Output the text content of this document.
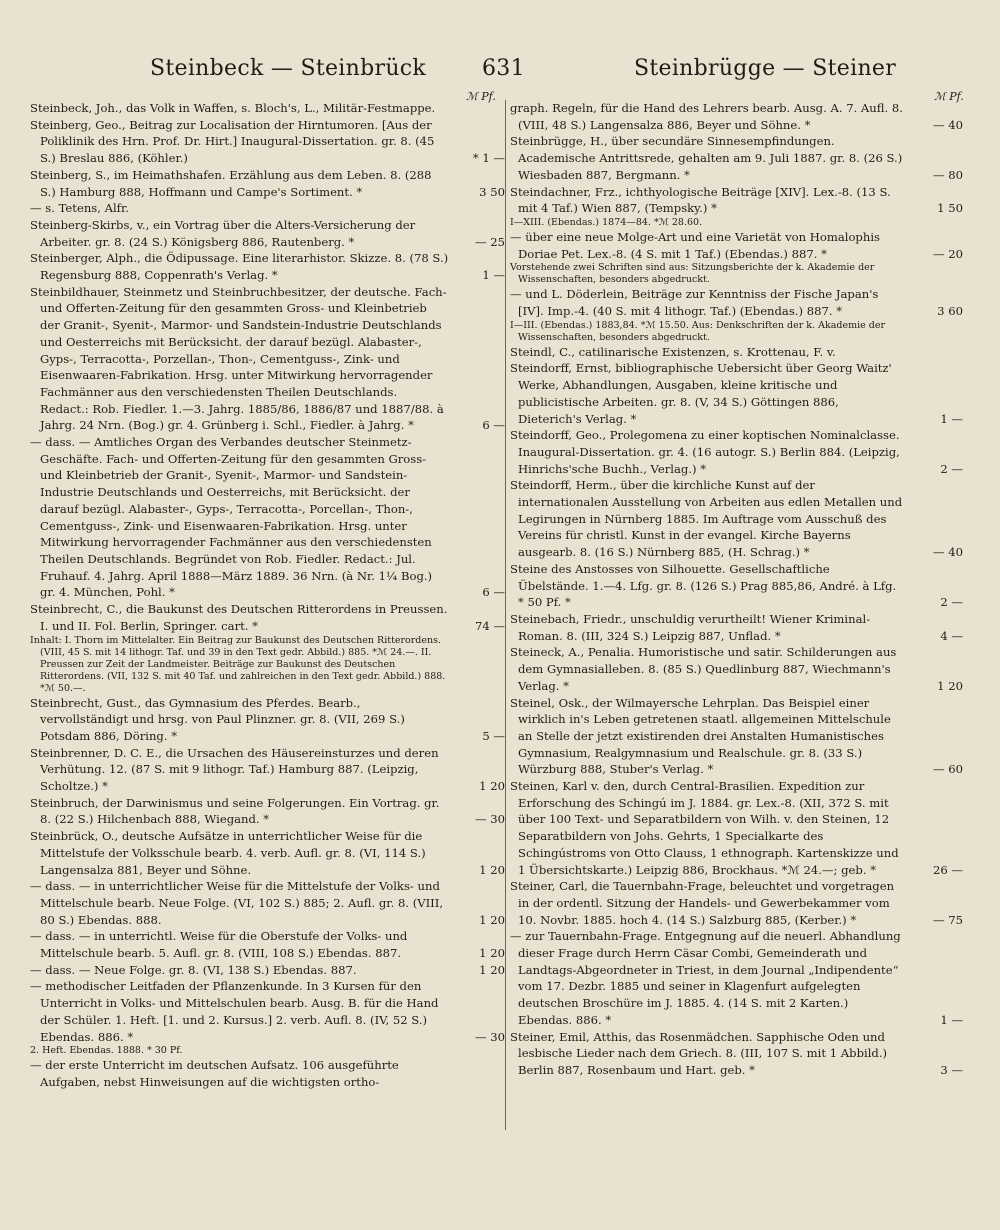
Steinbeck — Steinbrück	631	Steinbrügge — Steiner
ℳ Pf.	ℳ Pf.
Steinbeck, Joh., das Volk in Waffen, s. Bloch's, L., Militär-Festmappe.
Steinberg, Geo., Beitrag zur Localisation der Hirntumoren. [Aus der Poliklinik des Hrn. Prof. Dr. Hirt.] Inaugural-Dissertation. gr. 8. (45 S.) Breslau 886, (Köhler.)	* 1 —
Steinberg, S., im Heimathshafen. Erzählung aus dem Leben. 8. (288 S.) Hamburg 888, Hoffmann und Campe's Sortiment. *	3 50
— s. Tetens, Alfr.
Steinberg-Skirbs, v., ein Vortrag über die Alters-Versicherung der Arbeiter. gr. 8. (24 S.) Königsberg 886, Rautenberg. *	— 25
Steinberger, Alph., die Ödipussage. Eine literarhistor. Skizze. 8. (78 S.) Regensburg 888, Coppenrath's Verlag. *	1 —
Steinbildhauer, Steinmetz und Steinbruchbesitzer, der deutsche. Fach- und Offerten-Zeitung für den gesammten Gross- und Kleinbetrieb der Granit-, Syenit-, Marmor- und Sandstein-Industrie Deutschlands und Oesterreichs mit Berücksicht. der darauf bezügl. Alabaster-, Gyps-, Terracotta-, Porzellan-, Thon-, Cementguss-, Zink- und Eisenwaaren-Fabrikation. Hrsg. unter Mitwirkung hervorragender Fachmänner aus den verschiedensten Theilen Deutschlands. Redact.: Rob. Fiedler. 1.—3. Jahrg. 1885/86, 1886/87 und 1887/88. à Jahrg. 24 Nrn. (Bog.) gr. 4. Grünberg i. Schl., Fiedler. à Jahrg. *	6 —
— dass. — Amtliches Organ des Verbandes deutscher Steinmetz-Geschäfte. Fach- und Offerten-Zeitung für den gesammten Gross- und Kleinbetrieb der Granit-, Syenit-, Marmor- und Sandstein-Industrie Deutschlands und Oesterreichs, mit Berücksicht. der darauf bezügl. Alabaster-, Gyps-, Terracotta-, Porcellan-, Thon-, Cementguss-, Zink- und Eisenwaaren-Fabrikation. Hrsg. unter Mitwirkung hervorragender Fachmänner aus den verschiedensten Theilen Deutschlands. Begründet von Rob. Fiedler. Redact.: Jul. Fruhauf. 4. Jahrg. April 1888—März 1889. 36 Nrn. (à Nr. 1¼ Bog.) gr. 4. München, Pohl. *	6 —
Steinbrecht, C., die Baukunst des Deutschen Ritterordens in Preussen. I. und II. Fol. Berlin, Springer. cart. *	74 —
Inhalt: I. Thorn im Mittelalter. Ein Beitrag zur Baukunst des Deutschen Ritterordens. (VIII, 45 S. mit 14 lithogr. Taf. und 39 in den Text gedr. Abbild.) 885. *ℳ 24.—. II. Preussen zur Zeit der Landmeister. Beiträge zur Baukunst des Deutschen Ritterordens. (VII, 132 S. mit 40 Taf. und zahlreichen in den Text gedr. Abbild.) 888. *ℳ 50.—.
Steinbrecht, Gust., das Gymnasium des Pferdes. Bearb., vervollständigt und hrsg. von Paul Plinzner. gr. 8. (VII, 269 S.) Potsdam 886, Döring. *	5 —
Steinbrenner, D. C. E., die Ursachen des Häusereinsturzes und deren Verhütung. 12. (87 S. mit 9 lithogr. Taf.) Hamburg 887. (Leipzig, Scholtze.) *	1 20
Steinbruch, der Darwinismus und seine Folgerungen. Ein Vortrag. gr. 8. (22 S.) Hilchenbach 888, Wiegand. *	— 30
Steinbrück, O., deutsche Aufsätze in unterrichtlicher Weise für die Mittelstufe der Volksschule bearb. 4. verb. Aufl. gr. 8. (VI, 114 S.) Langensalza 881, Beyer und Söhne.	1 20
— dass. — in unterrichtlicher Weise für die Mittelstufe der Volks- und Mittelschule bearb. Neue Folge. (VI, 102 S.) 885; 2. Aufl. gr. 8. (VIII, 80 S.) Ebendas. 888.	1 20
— dass. — in unterrichtl. Weise für die Oberstufe der Volks- und Mittelschule bearb. 5. Aufl. gr. 8. (VIII, 108 S.) Ebendas. 887.	1 20
— dass. — Neue Folge. gr. 8. (VI, 138 S.) Ebendas. 887.	1 20
— methodischer Leitfaden der Pflanzenkunde. In 3 Kursen für den Unterricht in Volks- und Mittelschulen bearb. Ausg. B. für die Hand der Schüler. 1. Heft. [1. und 2. Kursus.] 2. verb. Aufl. 8. (IV, 52 S.) Ebendas. 886. *	— 30
2. Heft. Ebendas. 1888. * 30 Pf.
— der erste Unterricht im deutschen Aufsatz. 106 ausgeführte Aufgaben, nebst Hinweisungen auf die wichtigsten ortho-
graph. Regeln, für die Hand des Lehrers bearb. Ausg. A. 7. Aufl. 8. (VIII, 48 S.) Langensalza 886, Beyer und Söhne. *	— 40
Steinbrügge, H., über secundäre Sinnesempfindungen. Academische Antrittsrede, gehalten am 9. Juli 1887. gr. 8. (26 S.) Wiesbaden 887, Bergmann. *	— 80
Steindachner, Frz., ichthyologische Beiträge [XIV]. Lex.-8. (13 S. mit 4 Taf.) Wien 887, (Tempsky.) *	1 50
I—XIII. (Ebendas.) 1874—84. *ℳ 28.60.
— über eine neue Molge-Art und eine Varietät von Homalophis Doriae Pet. Lex.-8. (4 S. mit 1 Taf.) (Ebendas.) 887. *	— 20
Vorstehende zwei Schriften sind aus: Sitzungsberichte der k. Akademie der Wissenschaften, besonders abgedruckt.
— und L. Döderlein, Beiträge zur Kenntniss der Fische Japan's [IV]. Imp.-4. (40 S. mit 4 lithogr. Taf.) (Ebendas.) 887. *	3 60
I—III. (Ebendas.) 1883,84. *ℳ 15.50. Aus: Denkschriften der k. Akademie der Wissenschaften, besonders abgedruckt.
Steindl, C., catilinarische Existenzen, s. Krottenau, F. v.
Steindorff, Ernst, bibliographische Uebersicht über Georg Waitz' Werke, Abhandlungen, Ausgaben, kleine kritische und publicistische Arbeiten. gr. 8. (V, 34 S.) Göttingen 886, Dieterich's Verlag. *	1 —
Steindorff, Geo., Prolegomena zu einer koptischen Nominalclasse. Inaugural-Dissertation. gr. 4. (16 autogr. S.) Berlin 884. (Leipzig, Hinrichs'sche Buchh., Verlag.) *	2 —
Steindorff, Herm., über die kirchliche Kunst auf der internationalen Ausstellung von Arbeiten aus edlen Metallen und Legirungen in Nürnberg 1885. Im Auftrage vom Ausschuß des Vereins für christl. Kunst in der evangel. Kirche Bayerns ausgearb. 8. (16 S.) Nürnberg 885, (H. Schrag.) *	— 40
Steine des Anstosses von Silhouette. Gesellschaftliche Übelstände. 1.—4. Lfg. gr. 8. (126 S.) Prag 885,86, André. à Lfg. * 50 Pf. *	2 —
Steinebach, Friedr., unschuldig verurtheilt! Wiener Kriminal-Roman. 8. (III, 324 S.) Leipzig 887, Unflad. *	4 —
Steineck, A., Penalia. Humoristische und satir. Schilderungen aus dem Gymnasialleben. 8. (85 S.) Quedlinburg 887, Wiechmann's Verlag. *	1 20
Steinel, Osk., der Wilmayersche Lehrplan. Das Beispiel einer wirklich in's Leben getretenen staatl. allgemeinen Mittelschule an Stelle der jetzt existirenden drei Anstalten Humanistisches Gymnasium, Realgymnasium und Realschule. gr. 8. (33 S.) Würzburg 888, Stuber's Verlag. *	— 60
Steinen, Karl v. den, durch Central-Brasilien. Expedition zur Erforschung des Schingú im J. 1884. gr. Lex.-8. (XII, 372 S. mit über 100 Text- und Separatbildern von Wilh. v. den Steinen, 12 Separatbildern von Johs. Gehrts, 1 Specialkarte des Schingústroms von Otto Clauss, 1 ethnograph. Kartenskizze und 1 Übersichtskarte.) Leipzig 886, Brockhaus. *ℳ 24.—; geb. *	26 —
Steiner, Carl, die Tauernbahn-Frage, beleuchtet und vorgetragen in der ordentl. Sitzung der Handels- und Gewerbekammer vom 10. Novbr. 1885. hoch 4. (14 S.) Salzburg 885, (Kerber.) *	— 75
— zur Tauernbahn-Frage. Entgegnung auf die neuerl. Abhandlung dieser Frage durch Herrn Cäsar Combi, Gemeinderath und Landtags-Abgeordneter in Triest, in dem Journal „Indipendente“ vom 17. Dezbr. 1885 und seiner in Klagenfurt aufgelegten deutschen Broschüre im J. 1885. 4. (14 S. mit 2 Karten.) Ebendas. 886. *	1 —
Steiner, Emil, Atthis, das Rosenmädchen. Sapphische Oden und lesbische Lieder nach dem Griech. 8. (III, 107 S. mit 1 Abbild.) Berlin 887, Rosenbaum und Hart. geb. *	3 —
